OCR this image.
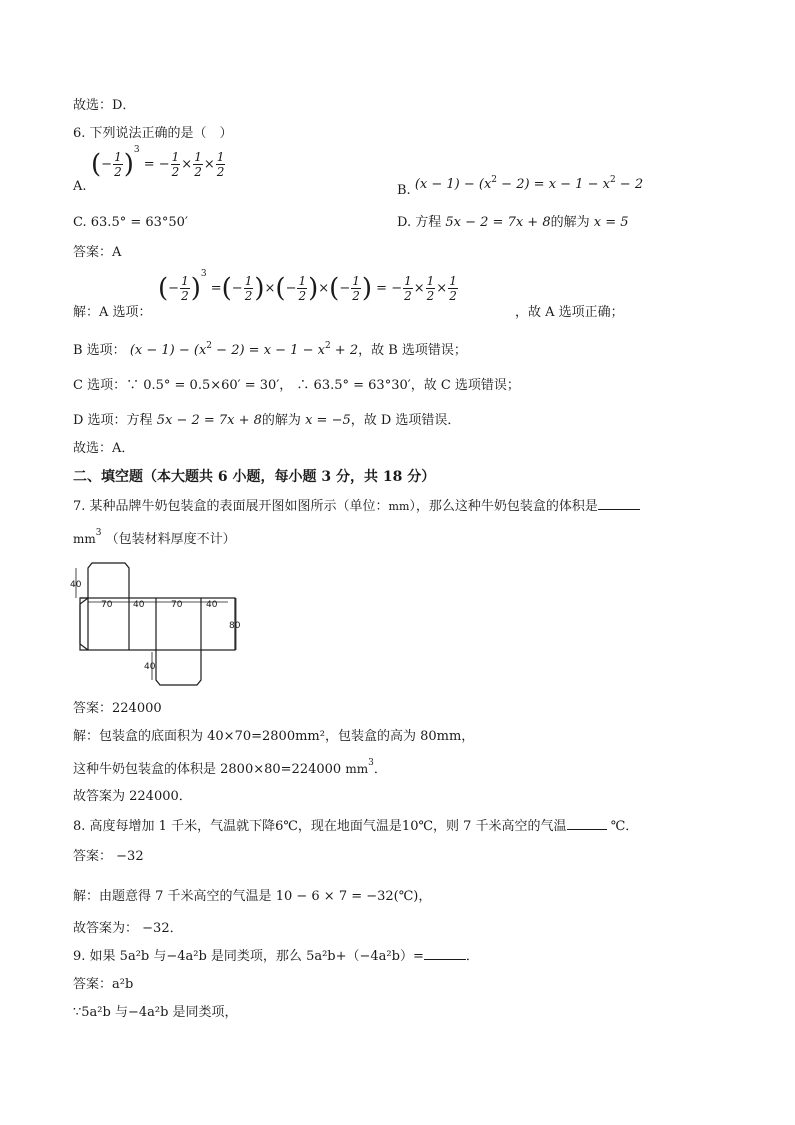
故选：D．
6. 下列说法正确的是（　）
A.
(− $\frac{1}{2} )^3$ = − $\frac{1}{2} \times \frac{1}{2} \times \frac{1}{2}$
B. $(x - 1) - (x^2 - 2) = x - 1 - x^2 - 2$
C. 63.5° = 63°50′	D. 方程 5x − 2 = 7x + 8的解为 x = 5
答案：A
解：A 选项：
(− $\frac{1}{2} )^3$ =(− $\frac{1}{2}$ )×(− $\frac{1}{2}$ )×(− $\frac{1}{2}$ ) = − $\frac{1}{2} \times \frac{1}{2} \times \frac{1}{2}$
，故 A 选项正确；
B 选项： $(x - 1) - (x^2 - 2) = x - 1 - x^2 + 2$，故 B 选项错误；
C 选项：∵ 0.5° = 0.5×60′ = 30′， ∴ 63.5° = 63°30′，故 C 选项错误；
D 选项：方程 5x − 2 = 7x + 8的解为 x = −5，故 D 选项错误．
故选：A．
二、填空题（本大题共 6 小题，每小题 3 分，共 18 分）
7. 某种品牌牛奶包装盒的表面展开图如图所示（单位：mm），那么这种牛奶包装盒的体积是
$mm^3$ （包装材料厚度不计）
40
70 40	70	40
80
40
答案：224000
解：包装盒的底面积为 40×70=2800mm²，包装盒的高为 80mm，
这种牛奶包装盒的体积是 2800×80=224000 $mm^3$．
故答案为 224000．
8. 高度每增加 1 千米，气温就下降6℃，现在地面气温是10℃，则 7 千米高空的气温	℃．
答案： −32
解：由题意得 7 千米高空的气温是 10 − 6 × 7 = −32(℃)，
故答案为： −32．
9. 如果 5a²b 与−4a²b 是同类项，那么 5a²b+（−4a²b）=	．
答案：a²b
∵5a²b 与−4a²b 是同类项，
